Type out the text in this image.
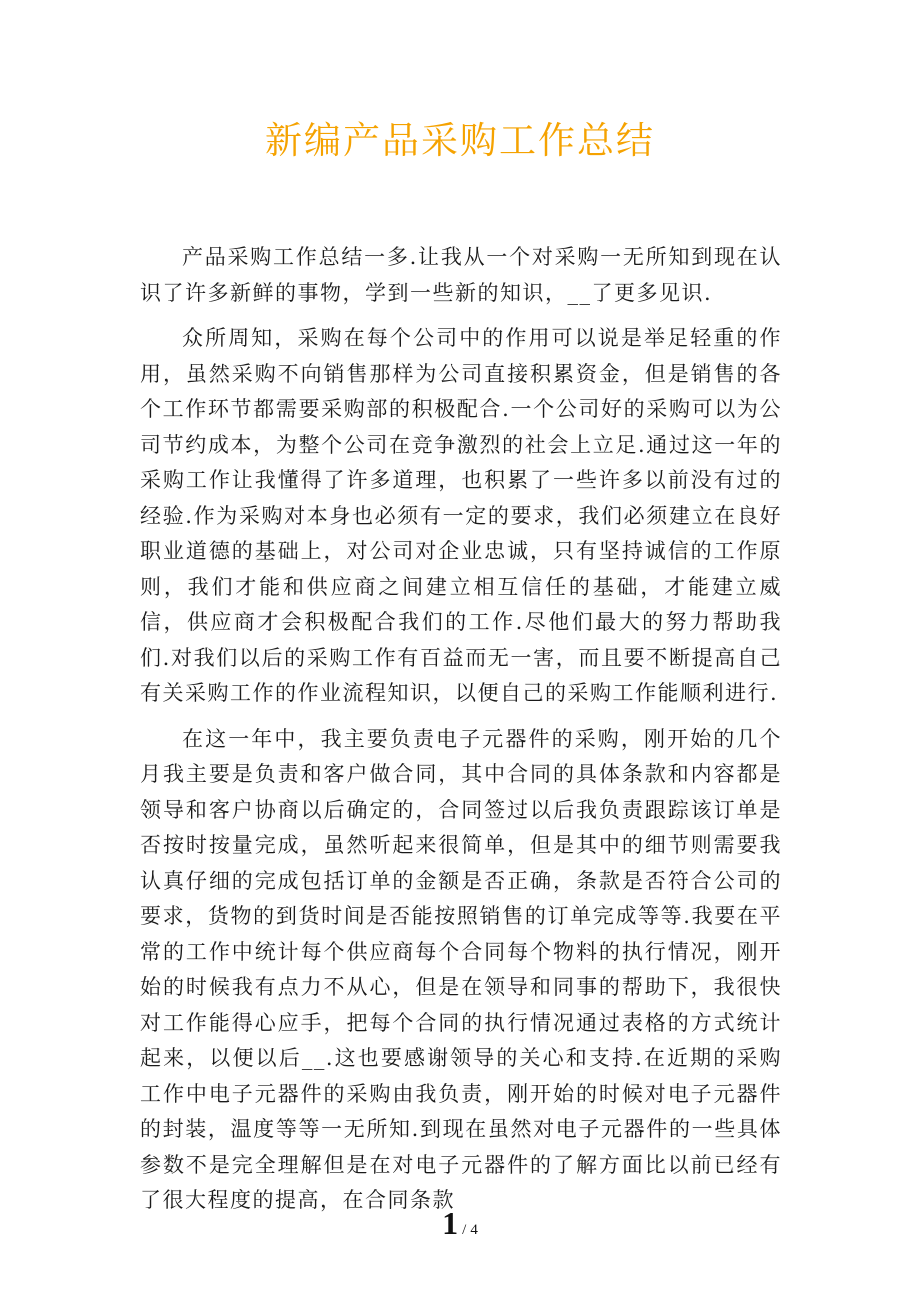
新编产品采购工作总结

产品采购工作总结一多.让我从一个对采购一无所知到现在认识了许多新鲜的事物，学到一些新的知识，__了更多见识.

众所周知，采购在每个公司中的作用可以说是举足轻重的作用，虽然采购不向销售那样为公司直接积累资金，但是销售的各个工作环节都需要采购部的积极配合.一个公司好的采购可以为公司节约成本，为整个公司在竞争激烈的社会上立足.通过这一年的采购工作让我懂得了许多道理，也积累了一些许多以前没有过的经验.作为采购对本身也必须有一定的要求，我们必须建立在良好职业道德的基础上，对公司对企业忠诚，只有坚持诚信的工作原则，我们才能和供应商之间建立相互信任的基础，才能建立威信，供应商才会积极配合我们的工作.尽他们最大的努力帮助我们.对我们以后的采购工作有百益而无一害，而且要不断提高自己有关采购工作的作业流程知识，以便自己的采购工作能顺利进行.

在这一年中，我主要负责电子元器件的采购，刚开始的几个月我主要是负责和客户做合同，其中合同的具体条款和内容都是领导和客户协商以后确定的，合同签过以后我负责跟踪该订单是否按时按量完成，虽然听起来很简单，但是其中的细节则需要我认真仔细的完成包括订单的金额是否正确，条款是否符合公司的要求，货物的到货时间是否能按照销售的订单完成等等.我要在平常的工作中统计每个供应商每个合同每个物料的执行情况，刚开始的时候我有点力不从心，但是在领导和同事的帮助下，我很快对工作能得心应手，把每个合同的执行情况通过表格的方式统计起来，以便以后__.这也要感谢领导的关心和支持.在近期的采购工作中电子元器件的采购由我负责，刚开始的时候对电子元器件的封装，温度等等一无所知.到现在虽然对电子元器件的一些具体参数不是完全理解但是在对电子元器件的了解方面比以前已经有了很大程度的提高，在合同条款

1 / 4
